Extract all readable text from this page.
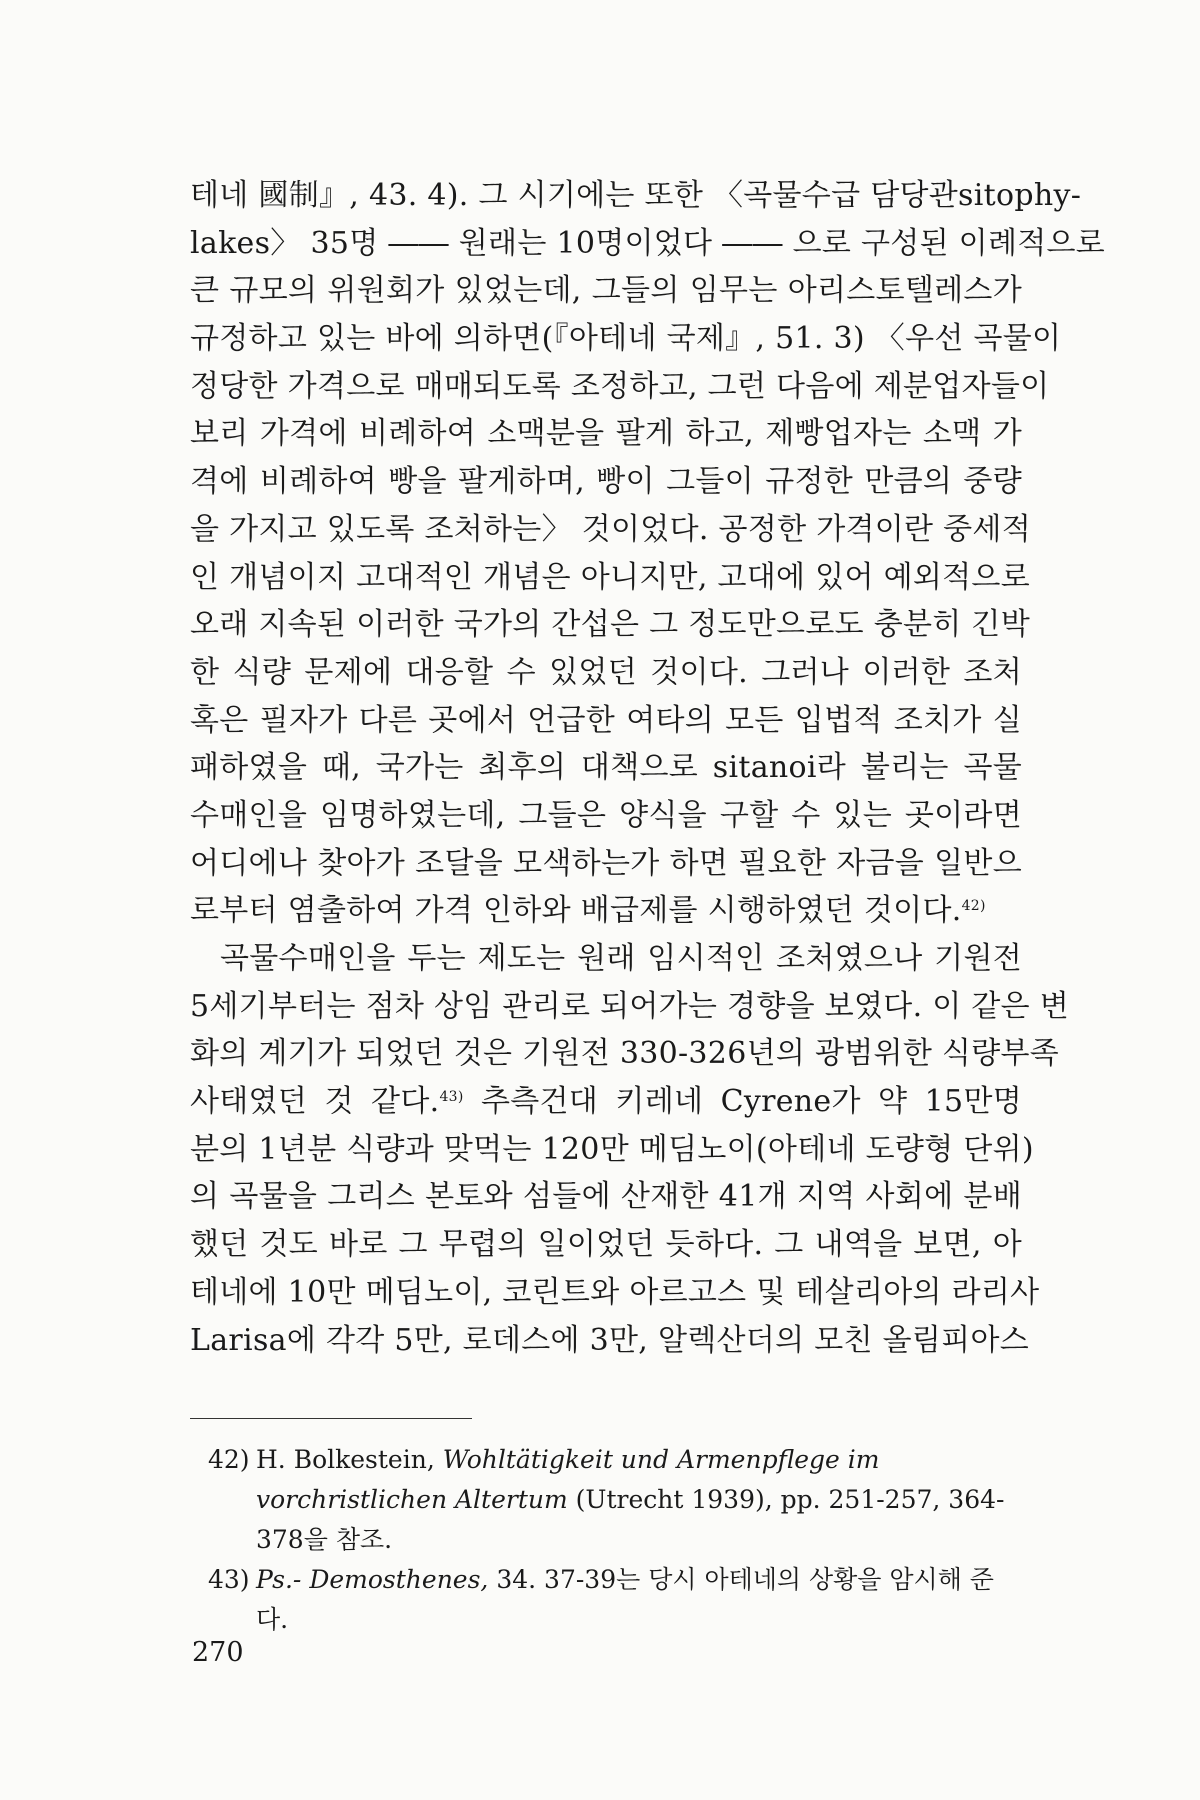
테네 國制』, 43. 4). 그 시기에는 또한 〈곡물수급 담당관sitophy-
lakes〉 35명 ―― 원래는 10명이었다 ―― 으로 구성된 이례적으로
큰 규모의 위원회가 있었는데, 그들의 임무는 아리스토텔레스가
규정하고 있는 바에 의하면(『아테네 국제』, 51. 3) 〈우선 곡물이
정당한 가격으로 매매되도록 조정하고, 그런 다음에 제분업자들이
보리 가격에 비례하여 소맥분을 팔게 하고, 제빵업자는 소맥 가
격에 비례하여 빵을 팔게하며, 빵이 그들이 규정한 만큼의 중량
을 가지고 있도록 조처하는〉 것이었다. 공정한 가격이란 중세적
인 개념이지 고대적인 개념은 아니지만, 고대에 있어 예외적으로
오래 지속된 이러한 국가의 간섭은 그 정도만으로도 충분히 긴박
한 식량 문제에 대응할 수 있었던 것이다. 그러나 이러한 조처
혹은 필자가 다른 곳에서 언급한 여타의 모든 입법적 조치가 실
패하였을 때, 국가는 최후의 대책으로 sitanoi라 불리는 곡물
수매인을 임명하였는데, 그들은 양식을 구할 수 있는 곳이라면
어디에나 찾아가 조달을 모색하는가 하면 필요한 자금을 일반으
로부터 염출하여 가격 인하와 배급제를 시행하였던 것이다.$^{42)}$
곡물수매인을 두는 제도는 원래 임시적인 조처였으나 기원전
5세기부터는 점차 상임 관리로 되어가는 경향을 보였다. 이 같은 변
화의 계기가 되었던 것은 기원전 330-326년의 광범위한 식량부족
사태였던 것 같다.$^{43)}$ 추측건대 키레네 Cyrene가 약 15만명
분의 1년분 식량과 맞먹는 120만 메딤노이(아테네 도량형 단위)
의 곡물을 그리스 본토와 섬들에 산재한 41개 지역 사회에 분배
했던 것도 바로 그 무렵의 일이었던 듯하다. 그 내역을 보면, 아
테네에 10만 메딤노이, 코린트와 아르고스 및 테살리아의 라리사
Larisa에 각각 5만, 로데스에 3만, 알렉산더의 모친 올림피아스
42) H. Bolkestein, Wohltätigkeit und Armenpflege im vorchristlichen Altertum (Utrecht 1939), pp. 251-257, 364-378을 참조.
43) Ps.- Demosthenes, 34. 37-39는 당시 아테네의 상황을 암시해 준다.
270
